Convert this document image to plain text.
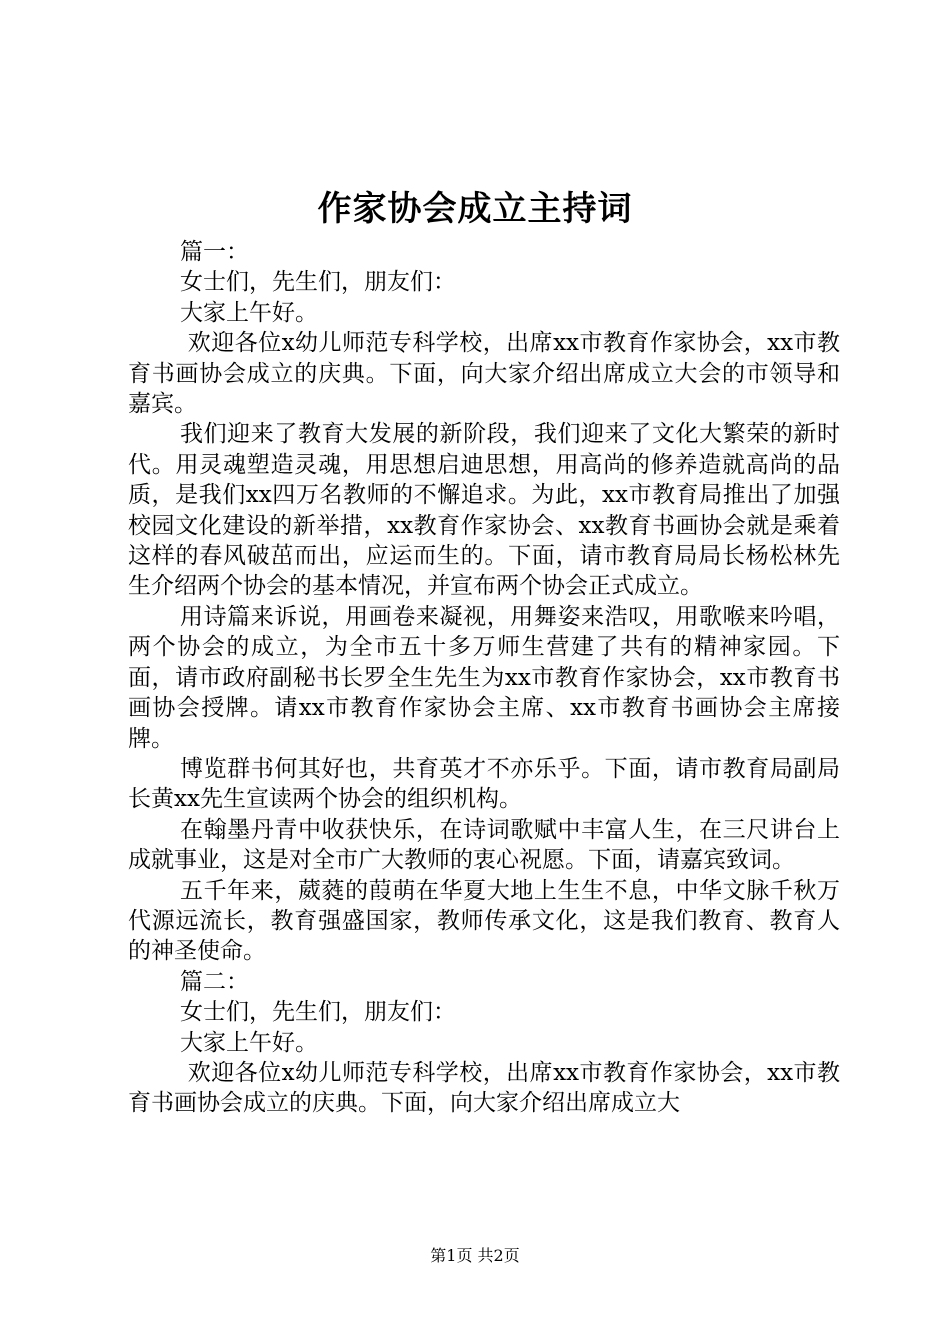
作家协会成立主持词

篇一：

女士们，先生们，朋友们：

大家上午好。

欢迎各位x幼儿师范专科学校，出席xx市教育作家协会，xx市教育书画协会成立的庆典。下面，向大家介绍出席成立大会的市领导和嘉宾。

我们迎来了教育大发展的新阶段，我们迎来了文化大繁荣的新时代。用灵魂塑造灵魂，用思想启迪思想，用高尚的修养造就高尚的品质，是我们xx四万名教师的不懈追求。为此，xx市教育局推出了加强校园文化建设的新举措，xx教育作家协会、xx教育书画协会就是乘着这样的春风破茁而出，应运而生的。下面，请市教育局局长杨松林先生介绍两个协会的基本情况，并宣布两个协会正式成立。

用诗篇来诉说，用画卷来凝视，用舞姿来浩叹，用歌喉来吟唱，两个协会的成立，为全市五十多万师生营建了共有的精神家园。下面，请市政府副秘书长罗全生先生为xx市教育作家协会，xx市教育书画协会授牌。请xx市教育作家协会主席、xx市教育书画协会主席接牌。

博览群书何其好也，共育英才不亦乐乎。下面，请市教育局副局长黄xx先生宣读两个协会的组织机构。

在翰墨丹青中收获快乐，在诗词歌赋中丰富人生，在三尺讲台上成就事业，这是对全市广大教师的衷心祝愿。下面，请嘉宾致词。

五千年来，葳蕤的葭萌在华夏大地上生生不息，中华文脉千秋万代源远流长，教育强盛国家，教师传承文化，这是我们教育、教育人的神圣使命。

篇二：

女士们，先生们，朋友们：

大家上午好。

欢迎各位x幼儿师范专科学校，出席xx市教育作家协会，xx市教育书画协会成立的庆典。下面，向大家介绍出席成立大

第1页 共2页
